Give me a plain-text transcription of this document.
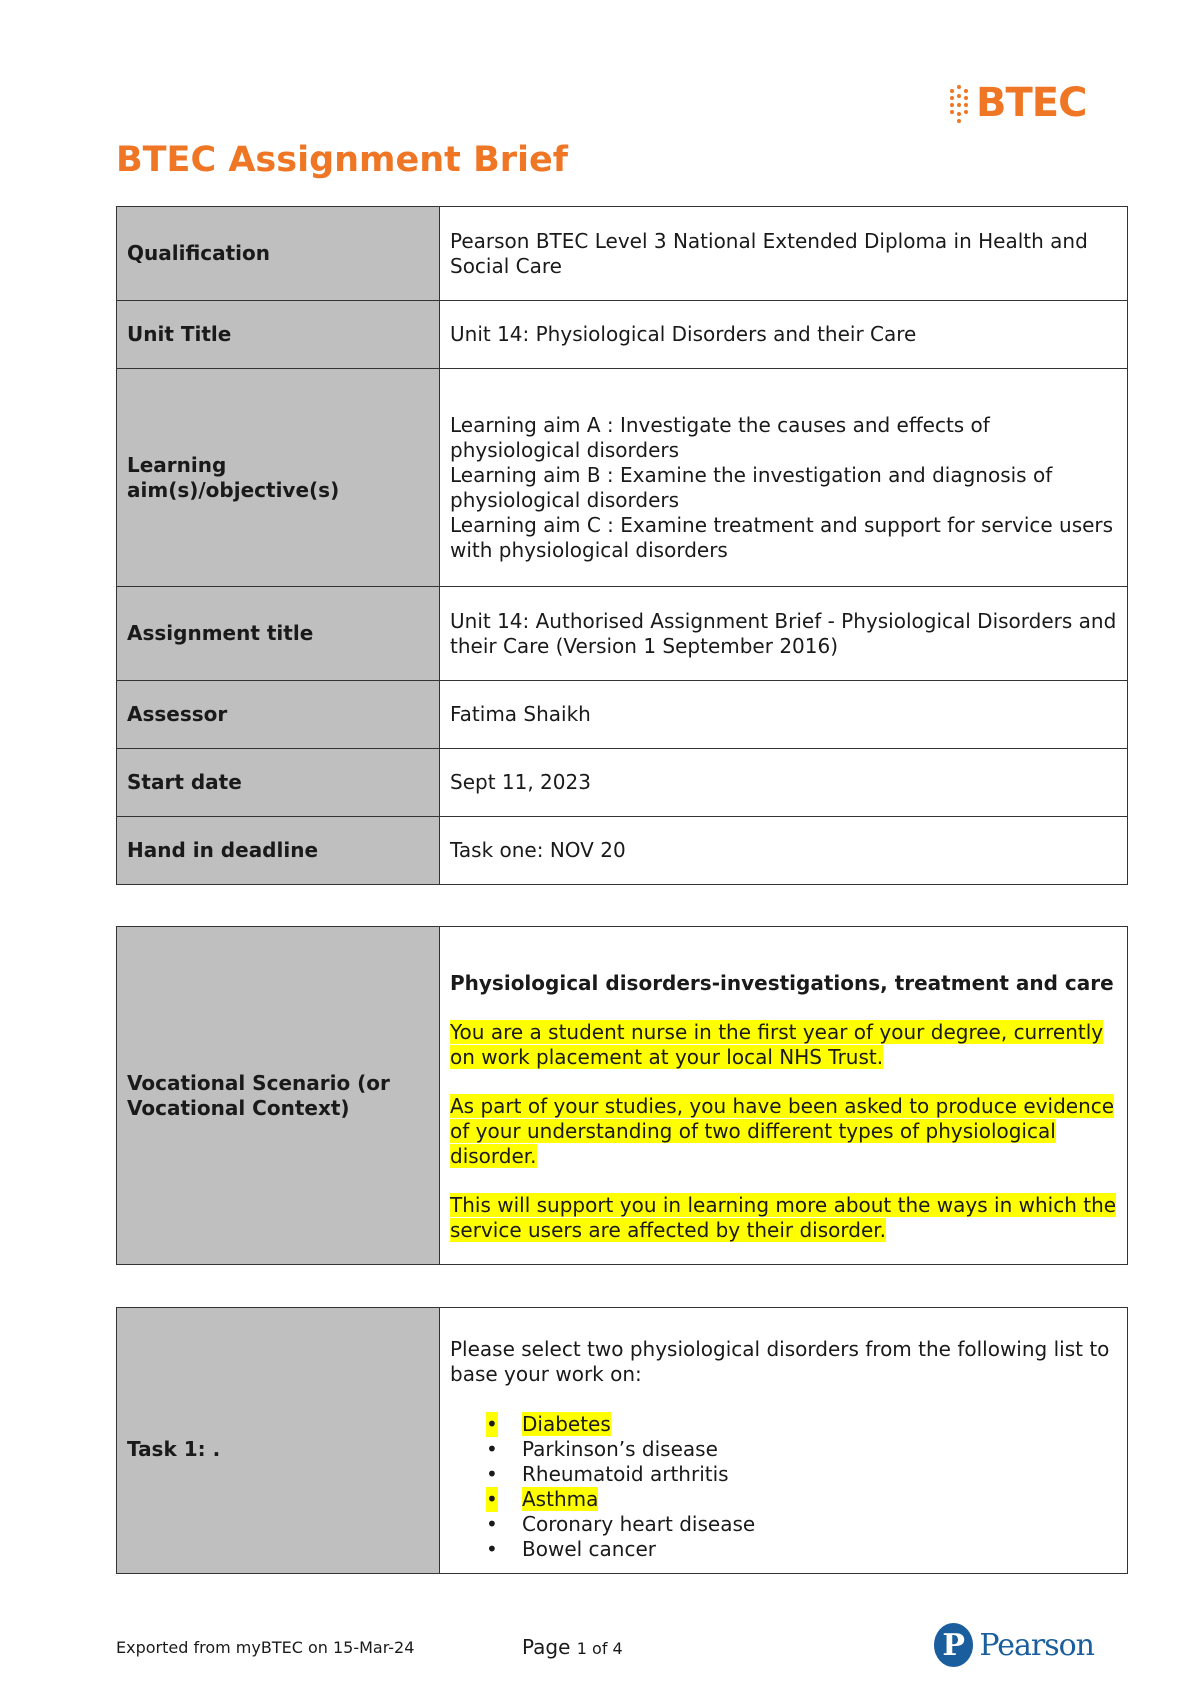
BTEC
BTEC Assignment Brief
Qualification	Pearson BTEC Level 3 National Extended Diploma in Health and Social Care
Unit Title	Unit 14: Physiological Disorders and their Care
Learning aim(s)/objective(s)	Learning aim A : Investigate the causes and effects of physiological disorders
Learning aim B : Examine the investigation and diagnosis of physiological disorders
Learning aim C : Examine treatment and support for service users with physiological disorders

Assignment title	Unit 14: Authorised Assignment Brief - Physiological Disorders and their Care (Version 1 September 2016)
Assessor	Fatima Shaikh
Start date	Sept 11, 2023
Hand in deadline	Task one: NOV 20
Vocational Scenario (or Vocational Context)	
Physiological disorders-investigations, treatment and care
You are a student nurse in the first year of your degree, currently on work placement at your local NHS Trust.
As part of your studies, you have been asked to produce evidence of your understanding of two different types of physiological disorder.
This will support you in learning more about the ways in which the service users are affected by their disorder.
Task 1: .	
Please select two physiological disorders from the following list to base your work on:
• Diabetes
• Parkinson’s disease
• Rheumatoid arthritis
• Asthma
• Coronary heart disease
• Bowel cancer
Exported from myBTEC on 15-Mar-24	Page 1 of 4	P Pearson
